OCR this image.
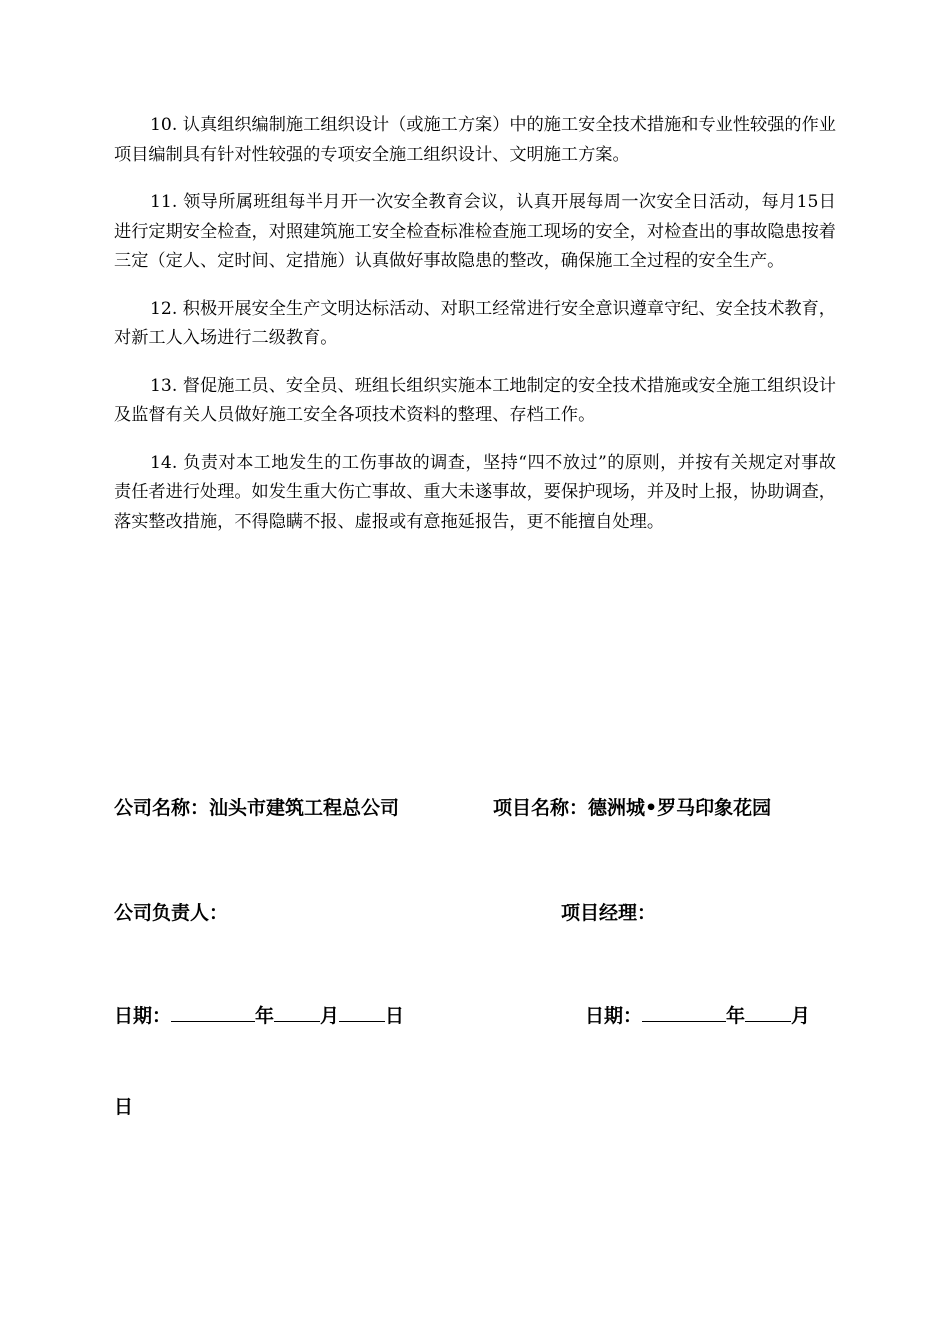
10. 认真组织编制施工组织设计（或施工方案）中的施工安全技术措施和专业性较强的作业项目编制具有针对性较强的专项安全施工组织设计、文明施工方案。

11. 领导所属班组每半月开一次安全教育会议，认真开展每周一次安全日活动，每月15日进行定期安全检查，对照建筑施工安全检查标准检查施工现场的安全，对检查出的事故隐患按着三定（定人、定时间、定措施）认真做好事故隐患的整改，确保施工全过程的安全生产。

12. 积极开展安全生产文明达标活动、对职工经常进行安全意识遵章守纪、安全技术教育，对新工人入场进行二级教育。

13. 督促施工员、安全员、班组长组织实施本工地制定的安全技术措施或安全施工组织设计及监督有关人员做好施工安全各项技术资料的整理、存档工作。

14. 负责对本工地发生的工伤事故的调查，坚持“四不放过”的原则，并按有关规定对事故责任者进行处理。如发生重大伤亡事故、重大未遂事故，要保护现场，并及时上报，协助调查，落实整改措施，不得隐瞒不报、虚报或有意拖延报告，更不能擅自处理。

公司名称：汕头市建筑工程总公司	项目名称：德洲城•罗马印象花园
公司负责人：	项目经理：
日期：	年 月 日	日期：	年 月
日
